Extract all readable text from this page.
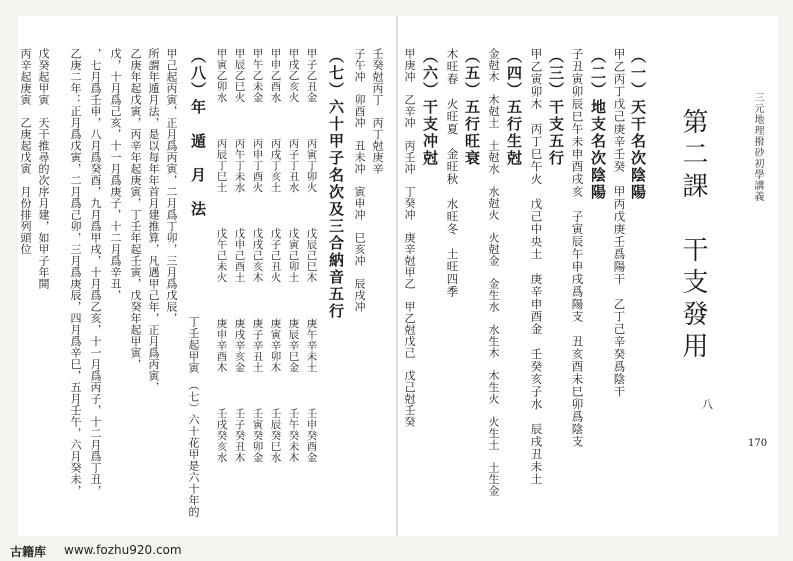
三元地理撥砂初學講義
八
170
第二課　干支發用
（一）天干名次陰陽
甲乙丙丁戊己庚辛壬癸　甲丙戊庚壬爲陽干　乙丁己辛癸爲陰干
（二）地支名次陰陽
子丑寅卯辰巳午未申酉戌亥　子寅辰午申戌爲陽支　丑亥酉未巳卯爲陰支
（三）干支五行
甲乙寅卯木　丙丁巳午火　戊己中央土　庚辛申酉金　壬癸亥子水　辰戌丑未土
（四）五行生尅
金尅木　木尅土　土尅水　水尅火　火尅金　金生水　水生木　木生火　火生土　土生金
（五）五行旺衰
木旺春　火旺夏　金旺秋　水旺冬　土旺四季
（六）干支冲尅
甲庚冲　乙辛冲　丙壬冲　丁癸冲　庚辛尅甲乙　甲乙尅戊己　戊己尅壬癸
壬癸尅丙丁　丙丁尅庚辛
子午冲　卯酉冲　丑未冲　寅申冲　巳亥冲　辰戌冲
（七）六十甲子名次及三合納音五行
甲子乙丑金
丙寅丁卯火
戊辰己巳木
庚午辛未土
壬申癸酉金
甲戌乙亥火
丙子丁丑水
戊寅己卯土
庚辰辛巳金
壬午癸未木
甲申乙酉水
丙戌丁亥土
戊子己丑火
庚寅辛卯木
壬辰癸巳水
甲午乙未金
丙申丁酉火
戊戌己亥木
庚子辛丑土
壬寅癸卯金
甲辰乙巳火
丙午丁未水
戊申己酉土
庚戌辛亥金
壬子癸丑木
甲寅乙卯水
丙辰丁巳土
戊午己未火
庚申辛酉木
壬戌癸亥水
（八）年　遁　月　法
甲己起丙寅，正月爲丙寅，二月爲丁卯，三月爲戊辰，
所謂年遁月法，是以每年年首月建推算，凡遇甲己年，正月爲丙寅，
乙庚年起戊寅，丙辛年起庚寅，丁壬年起壬寅，戊癸年起甲寅，
戊，十月爲己亥，十一月爲庚子，十二月爲辛丑，
，七月爲壬申，八月爲癸酉，九月爲甲戌，十月爲乙亥，十一月爲丙子，十二月爲丁丑，
乙庚二年：正月爲戊寅，二月爲己卯，三月爲庚辰，四月爲辛巳，五月壬午，六月癸未，	丁壬起甲寅　（七）六十花甲是六十年的
戊癸起甲寅　天干推尋的次序月建，如甲子年開
丙辛起庚寅　乙庚起戊寅　月份排列頭位
古籍库 www.fozhu920.com
